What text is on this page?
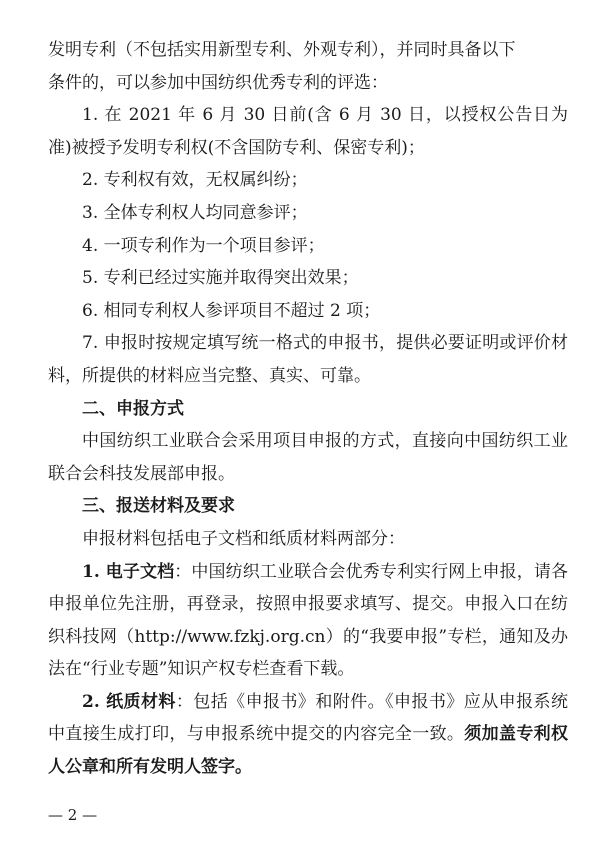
发明专利（不包括实用新型专利、外观专利），并同时具备以下

条件的，可以参加中国纺织优秀专利的评选：

1. 在 2021 年 6 月 30 日前(含 6 月 30 日，以授权公告日为准)被授予发明专利权(不含国防专利、保密专利)；

2. 专利权有效，无权属纠纷；

3. 全体专利权人均同意参评；

4. 一项专利作为一个项目参评；

5. 专利已经过实施并取得突出效果；

6. 相同专利权人参评项目不超过 2 项；

7. 申报时按规定填写统一格式的申报书，提供必要证明或评价材料，所提供的材料应当完整、真实、可靠。

二、申报方式

中国纺织工业联合会采用项目申报的方式，直接向中国纺织工业联合会科技发展部申报。

三、报送材料及要求

申报材料包括电子文档和纸质材料两部分：

1. 电子文档：中国纺织工业联合会优秀专利实行网上申报，请各申报单位先注册，再登录，按照申报要求填写、提交。申报入口在纺织科技网（http://www.fzkj.org.cn）的“我要申报”专栏，通知及办法在“行业专题”知识产权专栏查看下载。

2. 纸质材料：包括《申报书》和附件。《申报书》应从申报系统中直接生成打印，与申报系统中提交的内容完全一致。须加盖专利权人公章和所有发明人签字。

— 2 —
